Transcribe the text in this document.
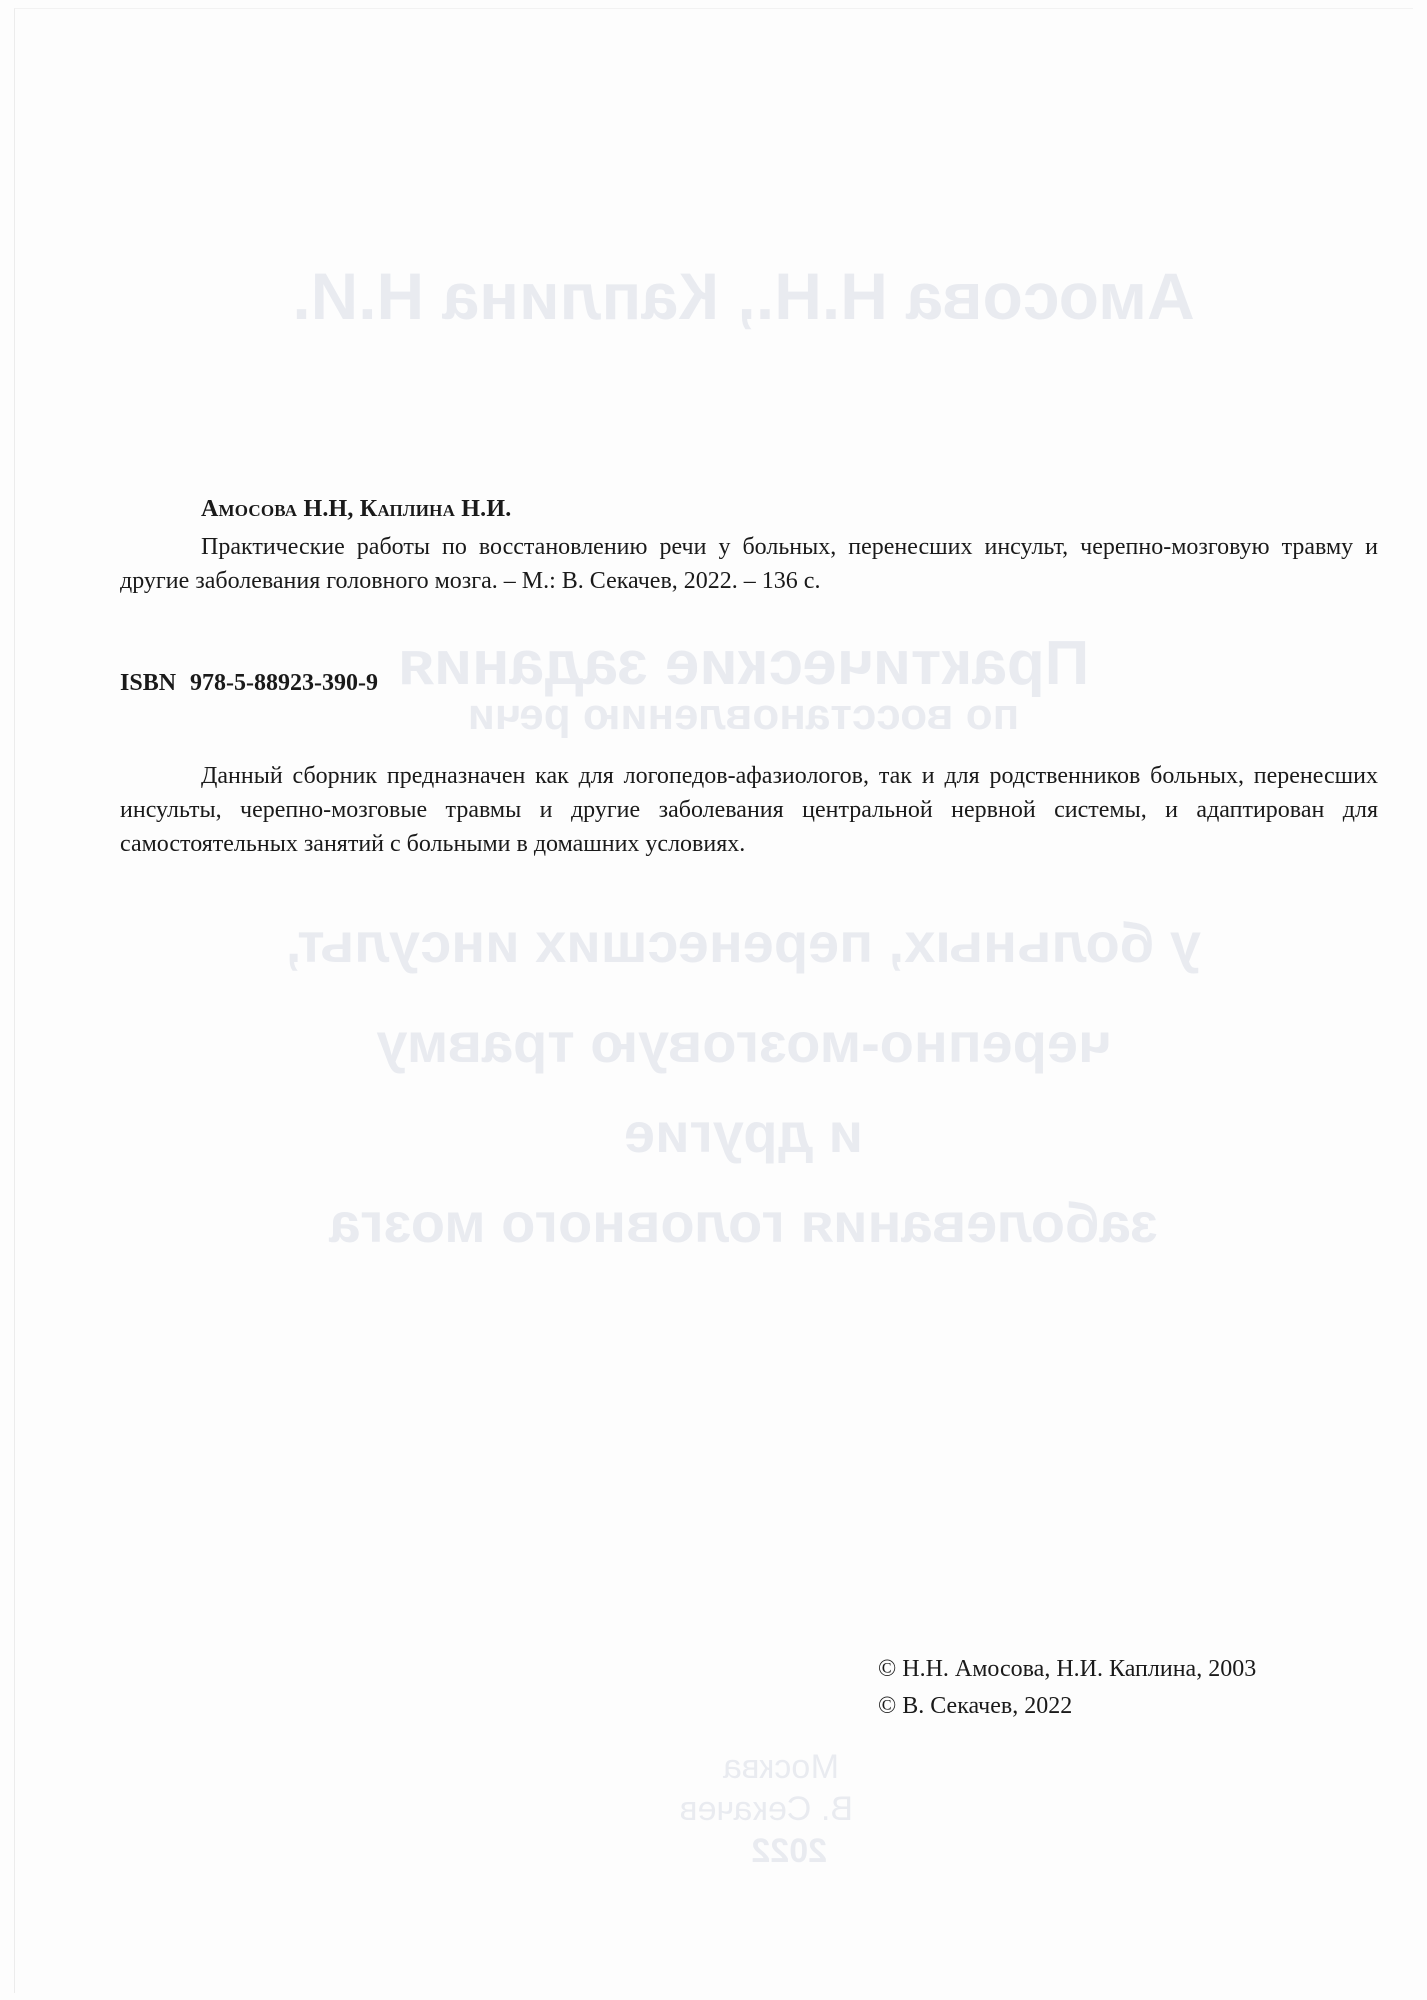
Амосова Н.Н., Каплина Н.И.
Практические задания
по восстановлению речи
у больных, перенесших инсульт,
черепно-мозговую травму
и другие
заболевания головного мозга
Москва
В. Секачев
2022
Амосова Н.Н, Каплина Н.И.
Практические работы по восстановлению речи у больных, перенесших инсульт, черепно-мозговую травму и другие заболевания головного мозга. – М.: В. Секачев, 2022. – 136 с.
ISBN 978-5-88923-390-9
Данный сборник предназначен как для логопедов-афазиологов, так и для родственников больных, перенесших инсульты, черепно-мозговые травмы и другие заболевания центральной нервной системы, и адаптирован для самостоятельных занятий с больными в домашних условиях.
© Н.Н. Амосова, Н.И. Каплина, 2003
© В. Секачев, 2022
